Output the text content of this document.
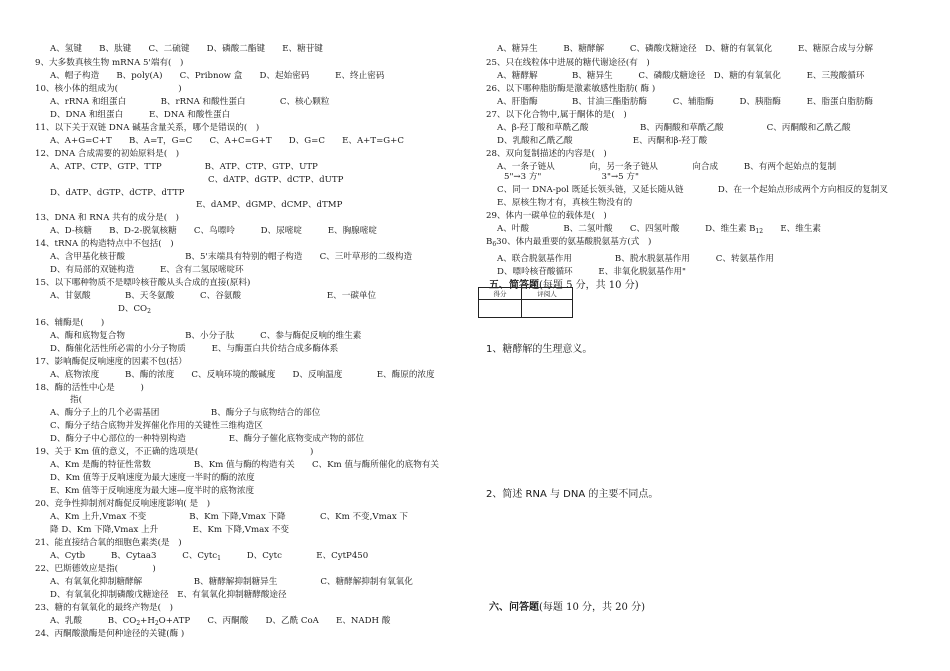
A、氢键　　B、肽键　　C、二硫键　　D、磷酸二酯键　　E、糖苷键
9、大多数真核生物 mRNA 5'端有(　)
A、帽子构造　　B、poly(A)　　C、Pribnow 盒　　D、起始密码　　　E、终止密码
10、核小体的组成为(　　　　　　　)
A、rRNA 和组蛋白　　　　B、rRNA 和酸性蛋白　　　　C、核心颗粒
D、DNA 和组蛋白　　　E、DNA 和酸性蛋白
11、以下关于双链 DNA 碱基含量关系，哪个是错误的(　)
A、A+G=C+T　　B、A=T，G=C　　C、A+C=G+T　　D、G=C　　E、A+T=G+C
12、DNA 合成需要的初始原料是(　)
A、ATP、CTP、GTP、TTP　　　　　B、ATP、CTP、GTP、UTP
C、dATP、dGTP、dCTP、dUTP
D、dATP、dGTP、dCTP、dTTP
E、dAMP、dGMP、dCMP、dTMP
13、DNA 和 RNA 共有的成分是(　)
A、D-核糖　　B、D-2-脱氧核糖　　C、鸟嘌呤　　　D、尿嘧啶　　　E、胸腺嘧啶
14、tRNA 的构造特点中不包括(　)
A、含甲基化核苷酸　　　　　　　B、5'末端具有特别的帽子构造　　C、三叶草形的二级构造
D、有局部的双链构造　　　E、含有二氢尿嘧啶环
15、以下哪种物质不是嘌呤核苷酸从头合成的直接(原料)
A、甘氨酸　　　　B、天冬氨酸　　　C、谷氨酸　　　　　　　　　　E、一碳单位
D、$CO_2$
16、辅酶是(　　)
A、酶和底物复合物　　　　　　　B、小分子肽　　　C、参与酶促反响的维生素
D、酶催化活性所必需的小分子物质　　　E、与酶蛋白共价结合成多酶体系
17、影响酶促反响速度的因素不包(括）
A、底物浓度　　　B、酶的浓度　　C、反响环境的酸碱度　　D、反响温度　　　　E、酶原的浓度
18、酶的活性中心是　　　)
指(
A、酶分子上的几个必需基团　　　　　　B、酶分子与底物结合的部位
C、酶分子结合底物并发挥催化作用的关键性三维构造区
D、酶分子中心部位的一种特别构造　　　　　E、酶分子催化底物变成产物的部位
19、关于 Km 值的意义，不正确的选项是(　　　　　　　　　　　　　)
A、Km 是酶的特征性常数　　　　　B、Km 值与酶的构造有关　　C、Km 值与酶所催化的底物有关
D、Km 值等于反响速度为最大速度一半时的酶的浓度
E、Km 值等于反响速度为最大速—度半时的底物浓度
20、竞争性抑制剂对酶促反响速度影响( 是　)
A、Km 上升,Vmax 不变　　　　　B、Km 下降,Vmax 下降　　　　C、Km 不变,Vmax 下
降 D、Km 下降,Vmax 上升　　　　E、Km 下降,Vmax 不变
21、能直接结合氧的细胞色素类(是　)
A、Cytb　　　B、Cytaa3　　　C、Cytc$_1$　　　	D、Cytc　　　　E、CytP450
22、巴斯德效应是指(　　　　)
A、有氧氧化抑制糖酵解　　　　　　B、糖酵解抑制糖异生　　　　　C、糖酵解抑制有氧氧化
D、有氧氧化抑制磷酸戊糖途径　E、有氧氧化抑制糖酵酸途径
23、糖的有氧氧化的最终产物是(　)
A、乳酸　　　B、$CO_2+H_2O+ATP$　　C、丙酮酸　　D、乙酰 CoA　　E、NADH 酸
24、丙酮酸激酶是何种途径的关键(酶 )
A、糖异生　　　B、糖酵解　　　C、磷酸戊糖途径　D、糖的有氧氧化　　　E、糖原合成与分解
25、只在线粒体中进展的糖代谢途径(有　)
A、糖酵解　　　　B、糖异生　　　C、磷酸戊糖途径　D、糖的有氧氧化　　　E、三羧酸循环
26、以下哪种脂肪酶是激素敏感性脂肪( 酶 )
A、肝脂酶　　　　B、甘油三酯脂肪酶　　　C、辅脂酶　　　D、胰脂酶　　　E、脂蛋白脂肪酶
27、以下化合物中,属于酮体的是(　)
A、β-羟丁酸和草酰乙酸　　　　　　B、丙酮酸和草酰乙酸　　　　　C、丙酮酸和乙酰乙酸
D、乳酸和乙酰乙酸　　　　　　　E、丙酮和β-羟丁酸
28、双向复制描述的内容是(　)
A、一条子链从　　　　向，另一条子链从　　　　向合成　　　B、有两个起始点的复制
5"→3 方"　　　　　　　3"→5 方"
C、同一 DNA-pol 既延长领头链，又延长随从链　　　　D、在一个起始点形成两个方向相反的复制叉
E、原核生物才有，真核生物没有的
29、体内一碳单位的载体是(　)
A、叶酸　　　　B、二氢叶酸　　C、四氢叶酸　　　D、维生素 $B_{12}$　　 E、维生素
$B_630$、体内最重要的氨基酸脱氨基方(式　)
A、联合脱氨基作用　　　　　B、脱水脱氨基作用　　　C、转氨基作用
D、嘌呤核苷酸循环　　　E、非氧化脱氨基作用"
五、简答题(每题 5 分，共 10 分)
得分	评阅人

1、糖酵解的生理意义。
2、简述 RNA 与 DNA 的主要不同点。
六、问答题(每题 10 分，共 20 分)
